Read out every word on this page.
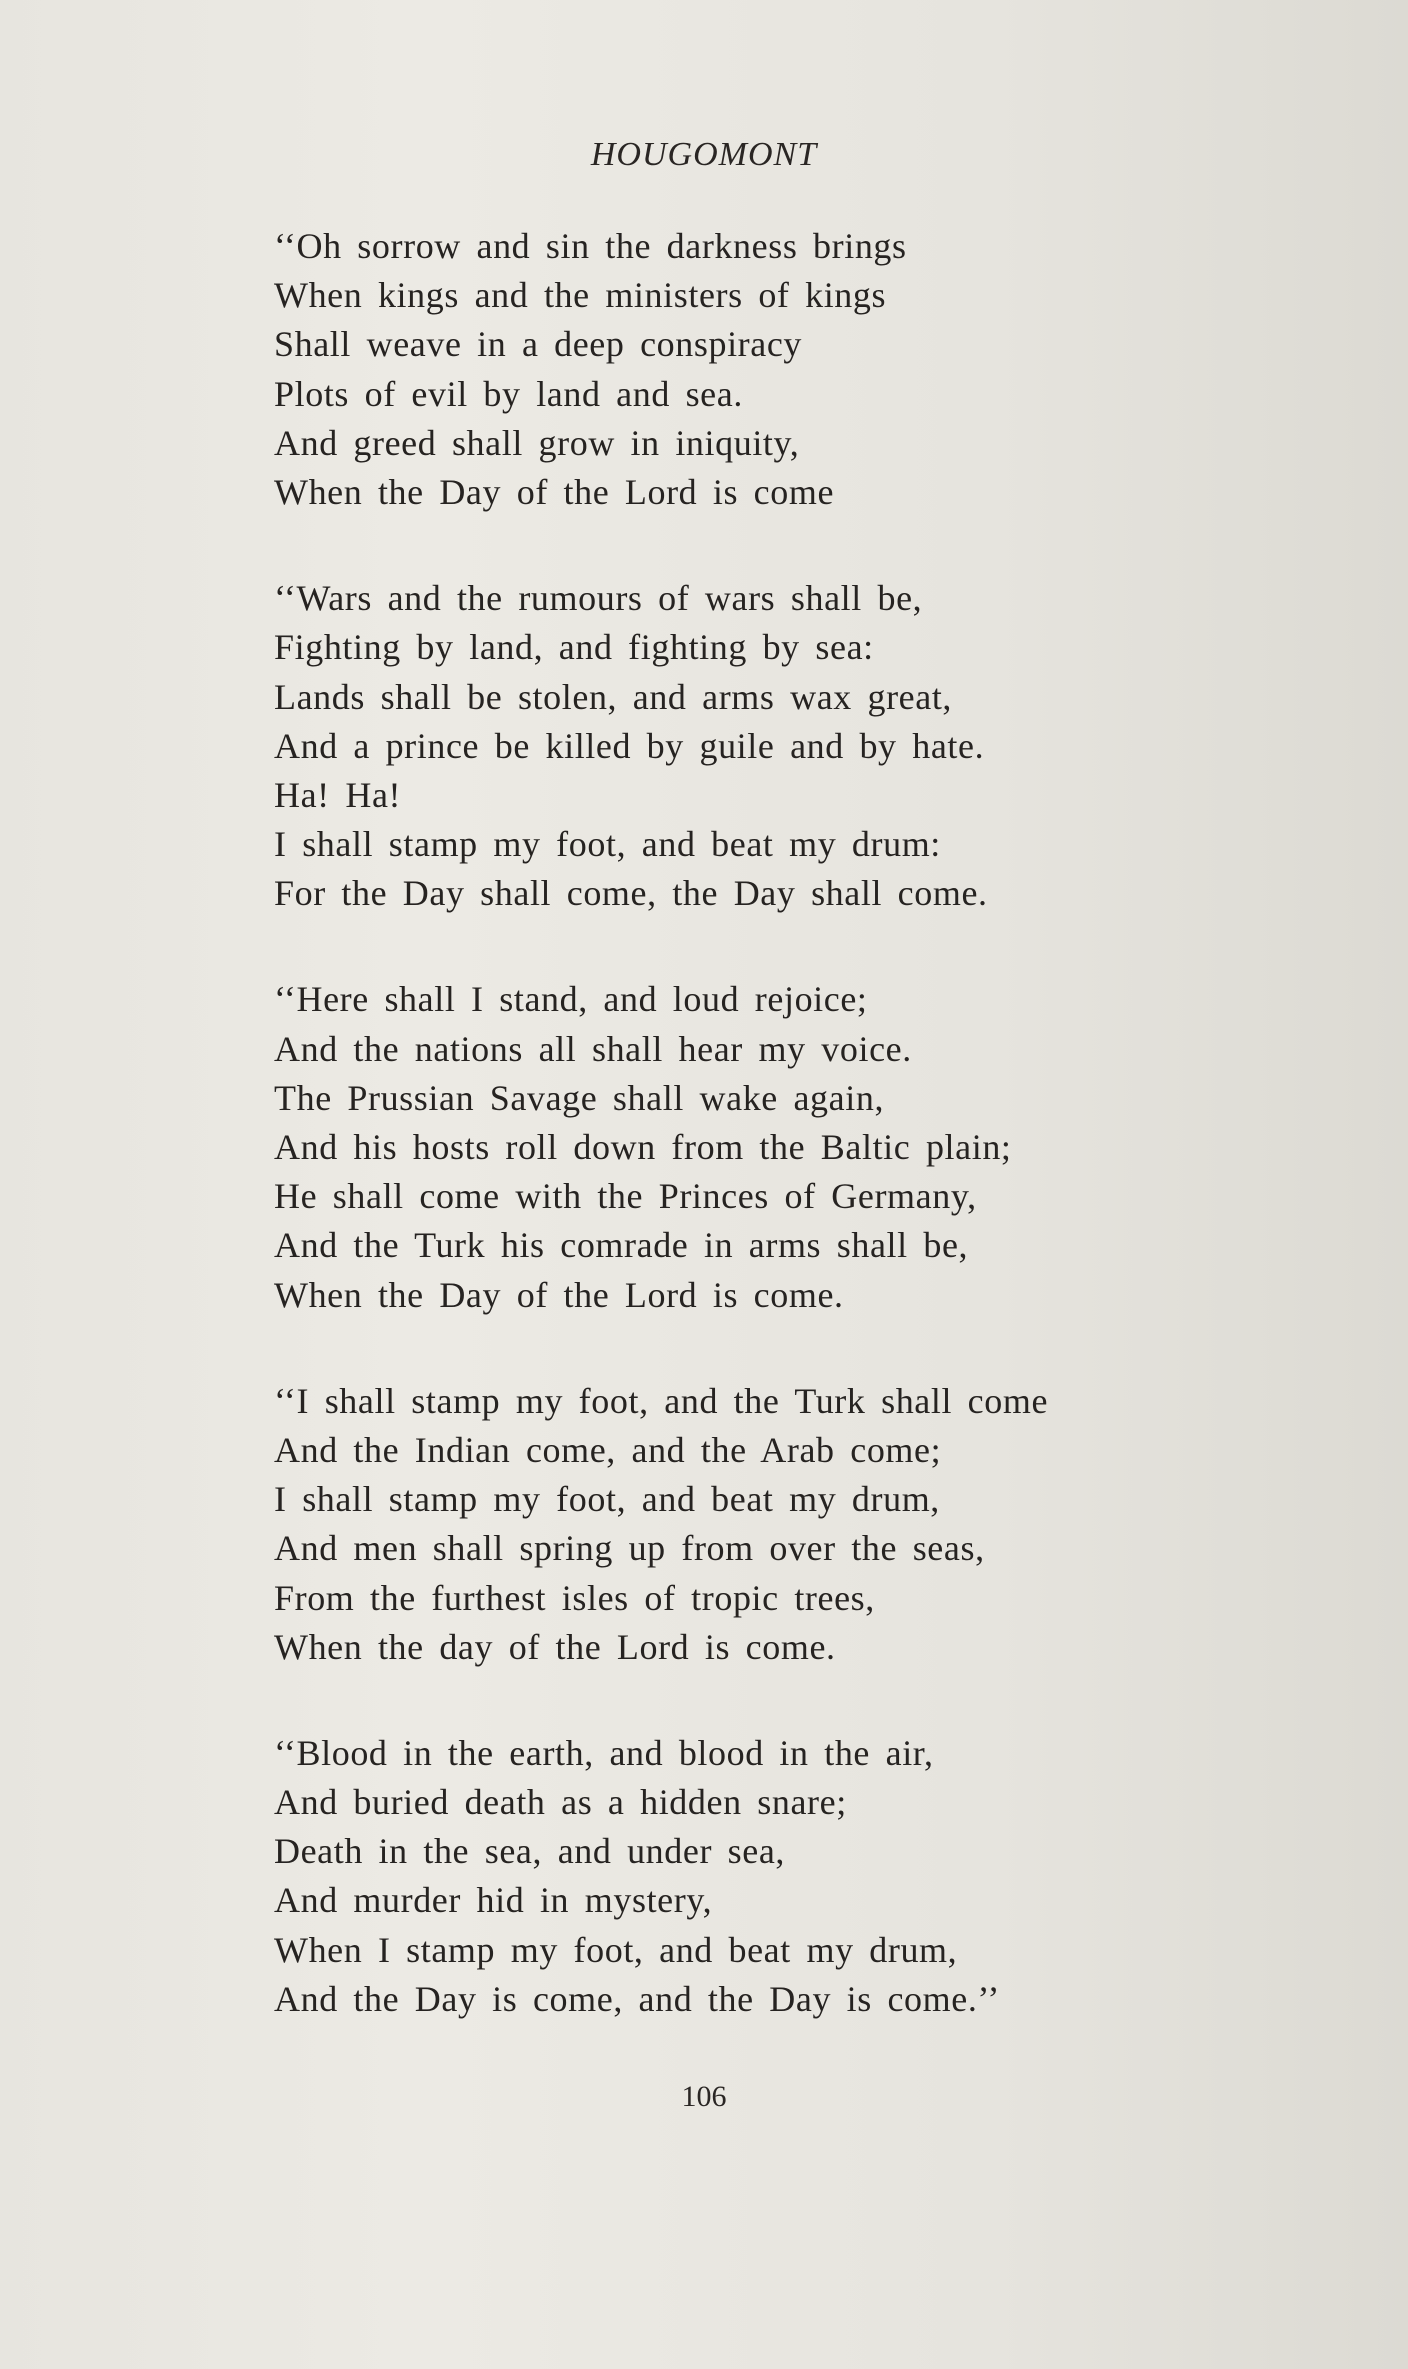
HOUGOMONT
‘‘Oh sorrow and sin the darkness brings
When kings and the ministers of kings
Shall weave in a deep conspiracy
Plots of evil by land and sea.
And greed shall grow in iniquity,
When the Day of the Lord is come
‘‘Wars and the rumours of wars shall be,
Fighting by land, and fighting by sea:
Lands shall be stolen, and arms wax great,
And a prince be killed by guile and by hate.
Ha! Ha!
I shall stamp my foot, and beat my drum:
For the Day shall come, the Day shall come.
‘‘Here shall I stand, and loud rejoice;
And the nations all shall hear my voice.
The Prussian Savage shall wake again,
And his hosts roll down from the Baltic plain;
He shall come with the Princes of Germany,
And the Turk his comrade in arms shall be,
When the Day of the Lord is come.
‘‘I shall stamp my foot, and the Turk shall come
And the Indian come, and the Arab come;
I shall stamp my foot, and beat my drum,
And men shall spring up from over the seas,
From the furthest isles of tropic trees,
When the day of the Lord is come.
‘‘Blood in the earth, and blood in the air,
And buried death as a hidden snare;
Death in the sea, and under sea,
And murder hid in mystery,
When I stamp my foot, and beat my drum,
And the Day is come, and the Day is come.’’
106
